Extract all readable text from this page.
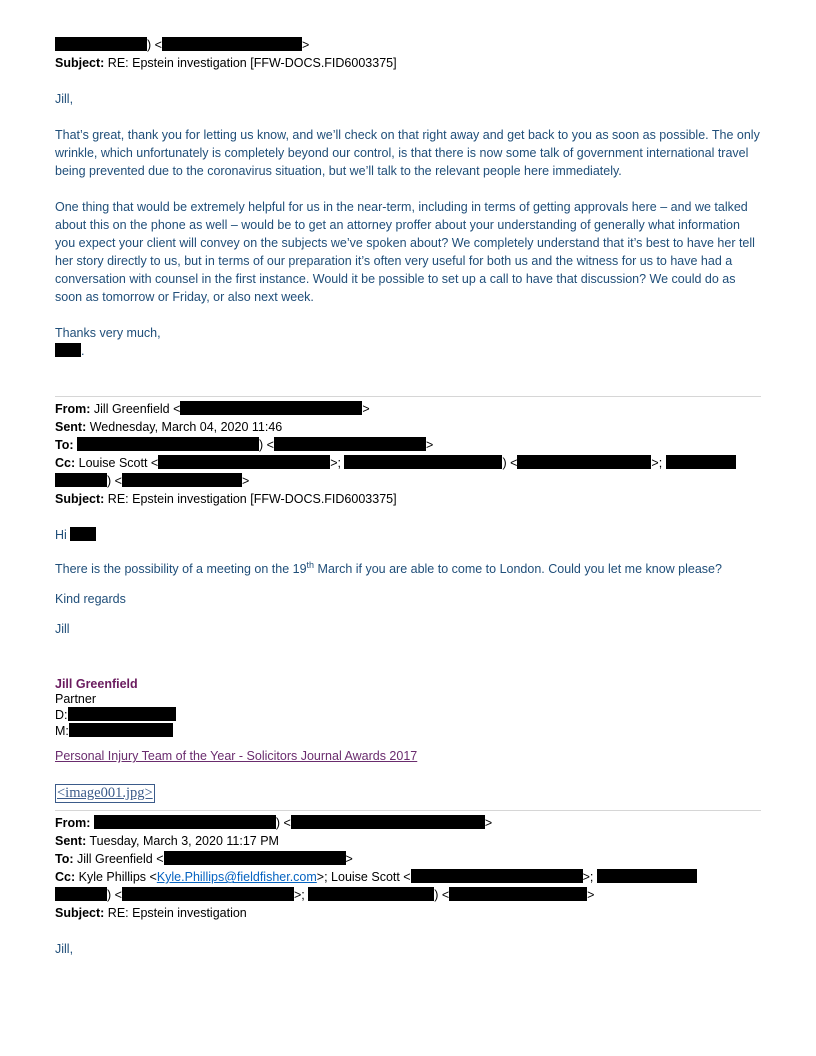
) <	>
Subject: RE: Epstein investigation [FFW-DOCS.FID6003375]

Jill,

That’s great, thank you for letting us know, and we’ll check on that right away and get back to you as soon as possible. The only wrinkle, which unfortunately is completely beyond our control, is that there is now some talk of government international travel being prevented due to the coronavirus situation, but we’ll talk to the relevant people here immediately.

One thing that would be extremely helpful for us in the near-term, including in terms of getting approvals here – and we talked about this on the phone as well – would be to get an attorney proffer about your understanding of generally what information you expect your client will convey on the subjects we’ve spoken about? We completely understand that it’s best to have her tell her story directly to us, but in terms of our preparation it’s often very useful for both us and the witness for us to have had a conversation with counsel in the first instance. Would it be possible to set up a call to have that discussion? We could do as soon as tomorrow or Friday, or also next week.

Thanks very much,

.

From: Jill Greenfield <	>
Sent: Wednesday, March 04, 2020 11:46
To:	) <	>
Cc: Louise Scott <	>;	) <	>;
) <	>
Subject: RE: Epstein investigation [FFW-DOCS.FID6003375]

Hi

There is the possibility of a meeting on the 19th March if you are able to come to London. Could you let me know please?

Kind regards

Jill

Jill Greenfield

Partner

D:

M:

Personal Injury Team of the Year - Solicitors Journal Awards 2017

<image001.jpg>

From:	) <	>
Sent: Tuesday, March 3, 2020 11:17 PM
To: Jill Greenfield <	>
Cc: Kyle Phillips <Kyle.Phillips@fieldfisher.com>; Louise Scott <	>;
) <	>;	) <	>
Subject: RE: Epstein investigation

Jill,
